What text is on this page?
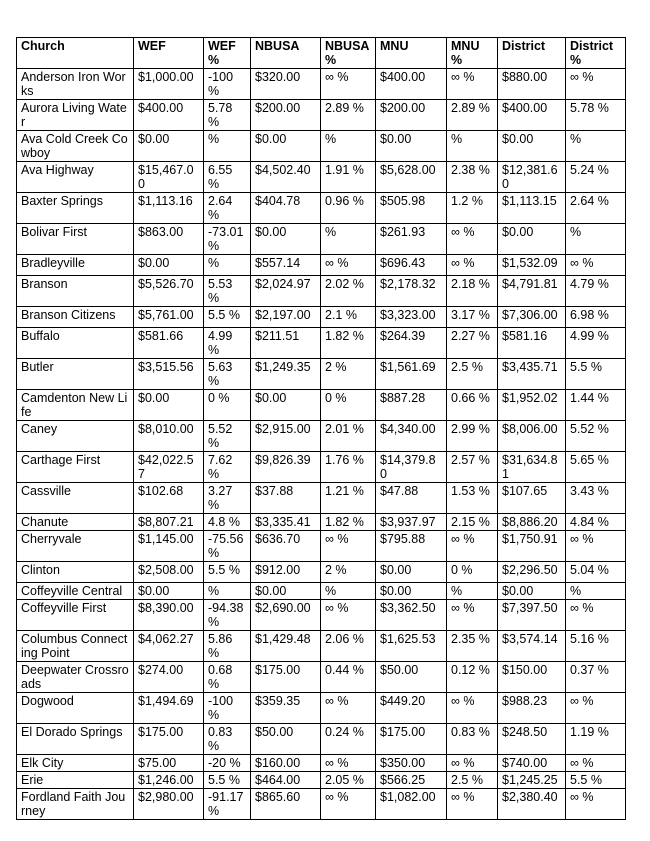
Church	WEF	WEF %	NBUSA	NBUSA %	MNU	MNU %	District	District %
Anderson Iron Works	$1,000.00	-100 %	$320.00	∞ %	$400.00	∞ %	$880.00	∞ %
Aurora Living Water	$400.00	5.78 %	$200.00	2.89 %	$200.00	2.89 %	$400.00	5.78 %
Ava Cold Creek Cowboy	$0.00	%	$0.00	%	$0.00	%	$0.00	%
Ava Highway	$15,467.00	6.55 %	$4,502.40	1.91 %	$5,628.00	2.38 %	$12,381.60	5.24 %
Baxter Springs	$1,113.16	2.64 %	$404.78	0.96 %	$505.98	1.2 %	$1,113.15	2.64 %
Bolivar First	$863.00	-73.01 %	$0.00	%	$261.93	∞ %	$0.00	%
Bradleyville	$0.00	%	$557.14	∞ %	$696.43	∞ %	$1,532.09	∞ %
Branson	$5,526.70	5.53 %	$2,024.97	2.02 %	$2,178.32	2.18 %	$4,791.81	4.79 %
Branson Citizens	$5,761.00	5.5 %	$2,197.00	2.1 %	$3,323.00	3.17 %	$7,306.00	6.98 %
Buffalo	$581.66	4.99 %	$211.51	1.82 %	$264.39	2.27 %	$581.16	4.99 %
Butler	$3,515.56	5.63 %	$1,249.35	2 %	$1,561.69	2.5 %	$3,435.71	5.5 %
Camdenton New Life	$0.00	0 %	$0.00	0 %	$887.28	0.66 %	$1,952.02	1.44 %
Caney	$8,010.00	5.52 %	$2,915.00	2.01 %	$4,340.00	2.99 %	$8,006.00	5.52 %
Carthage First	$42,022.57	7.62 %	$9,826.39	1.76 %	$14,379.80	2.57 %	$31,634.81	5.65 %
Cassville	$102.68	3.27 %	$37.88	1.21 %	$47.88	1.53 %	$107.65	3.43 %
Chanute	$8,807.21	4.8 %	$3,335.41	1.82 %	$3,937.97	2.15 %	$8,886.20	4.84 %
Cherryvale	$1,145.00	-75.56 %	$636.70	∞ %	$795.88	∞ %	$1,750.91	∞ %
Clinton	$2,508.00	5.5 %	$912.00	2 %	$0.00	0 %	$2,296.50	5.04 %
Coffeyville Central	$0.00	%	$0.00	%	$0.00	%	$0.00	%
Coffeyville First	$8,390.00	-94.38 %	$2,690.00	∞ %	$3,362.50	∞ %	$7,397.50	∞ %
Columbus Connecting Point	$4,062.27	5.86 %	$1,429.48	2.06 %	$1,625.53	2.35 %	$3,574.14	5.16 %
Deepwater Crossroads	$274.00	0.68 %	$175.00	0.44 %	$50.00	0.12 %	$150.00	0.37 %
Dogwood	$1,494.69	-100 %	$359.35	∞ %	$449.20	∞ %	$988.23	∞ %
El Dorado Springs	$175.00	0.83 %	$50.00	0.24 %	$175.00	0.83 %	$248.50	1.19 %
Elk City	$75.00	-20 %	$160.00	∞ %	$350.00	∞ %	$740.00	∞ %
Erie	$1,246.00	5.5 %	$464.00	2.05 %	$566.25	2.5 %	$1,245.25	5.5 %
Fordland Faith Journey	$2,980.00	-91.17 %	$865.60	∞ %	$1,082.00	∞ %	$2,380.40	∞ %
